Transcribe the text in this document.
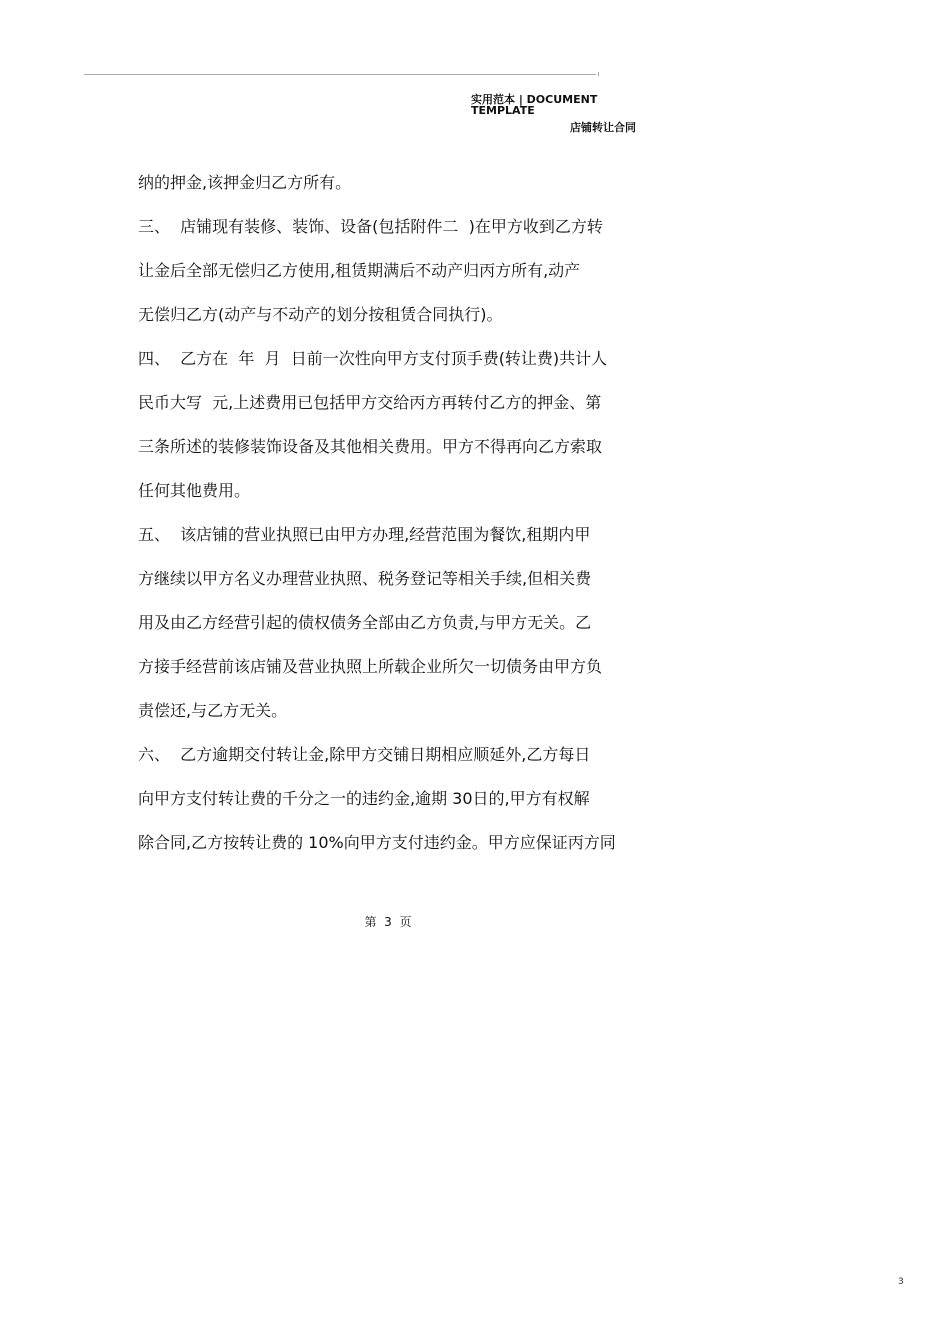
实用范本 | DOCUMENT TEMPLATE
店铺转让合同
纳的押金,该押金归乙方所有。
三、  店铺现有装修、装饰、设备(包括附件二  )在甲方收到乙方转
让金后全部无偿归乙方使用,租赁期满后不动产归丙方所有,动产
无偿归乙方(动产与不动产的划分按租赁合同执行)。
四、  乙方在  年  月  日前一次性向甲方支付顶手费(转让费)共计人
民币大写  元,上述费用已包括甲方交给丙方再转付乙方的押金、第
三条所述的装修装饰设备及其他相关费用。甲方不得再向乙方索取
任何其他费用。
五、  该店铺的营业执照已由甲方办理,经营范围为餐饮,租期内甲
方继续以甲方名义办理营业执照、税务登记等相关手续,但相关费
用及由乙方经营引起的债权债务全部由乙方负责,与甲方无关。乙
方接手经营前该店铺及营业执照上所载企业所欠一切债务由甲方负
责偿还,与乙方无关。
六、  乙方逾期交付转让金,除甲方交铺日期相应顺延外,乙方每日
向甲方支付转让费的千分之一的违约金,逾期 30日的,甲方有权解
除合同,乙方按转让费的 10%向甲方支付违约金。甲方应保证丙方同
第  3  页
3
